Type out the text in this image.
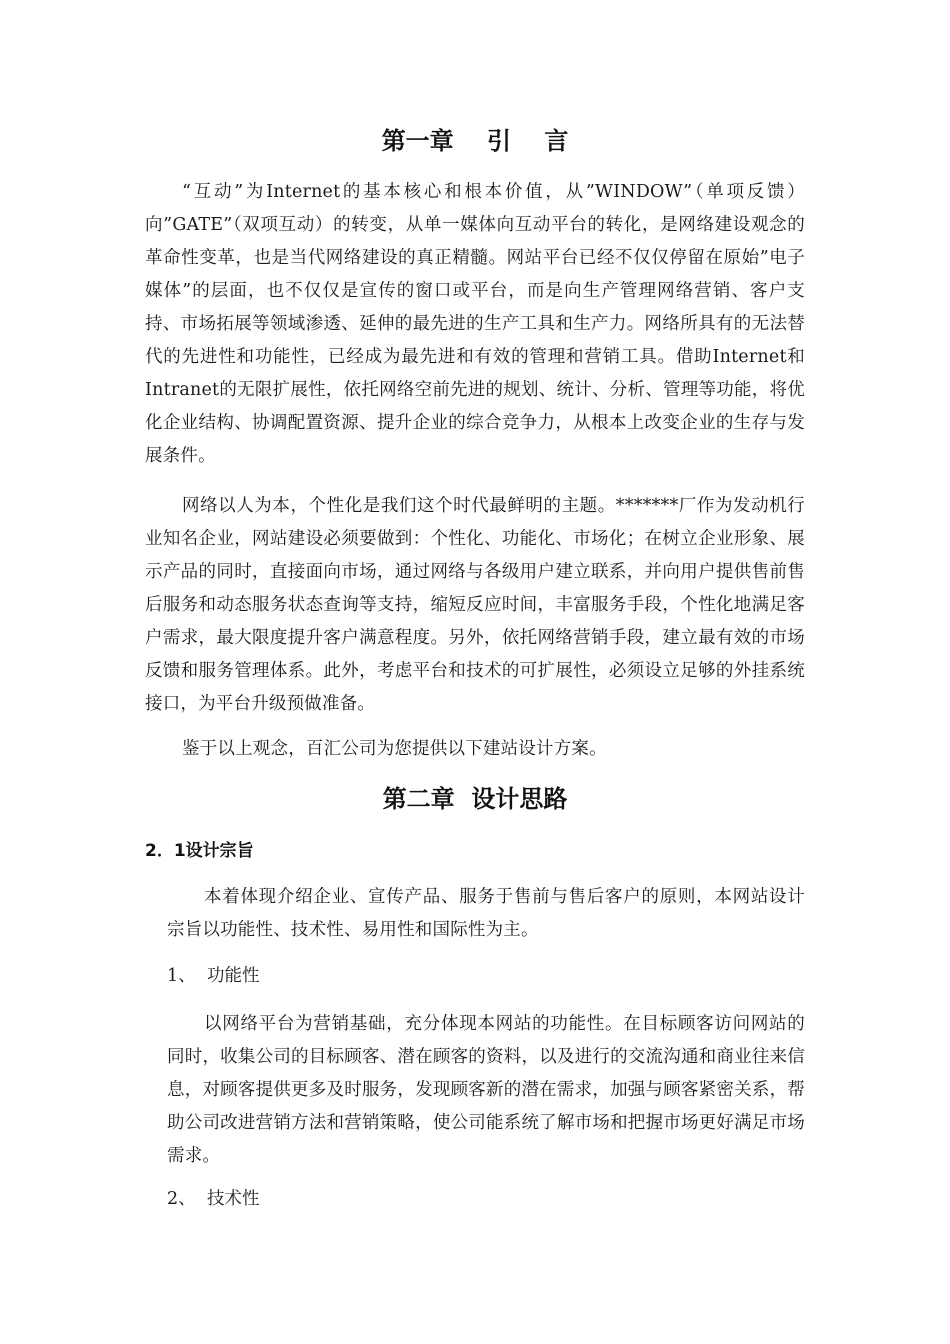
第一章    引    言

“互动”为Internet的基本核心和根本价值，从”WINDOW”（单项反馈）向”GATE”（双项互动）的转变，从单一媒体向互动平台的转化，是网络建设观念的革命性变革，也是当代网络建设的真正精髓。网站平台已经不仅仅停留在原始”电子媒体”的层面，也不仅仅是宣传的窗口或平台，而是向生产管理网络营销、客户支持、市场拓展等领域渗透、延伸的最先进的生产工具和生产力。网络所具有的无法替代的先进性和功能性，已经成为最先进和有效的管理和营销工具。借助Internet和Intranet的无限扩展性，依托网络空前先进的规划、统计、分析、管理等功能，将优化企业结构、协调配置资源、提升企业的综合竞争力，从根本上改变企业的生存与发展条件。

网络以人为本，个性化是我们这个时代最鲜明的主题。*******厂作为发动机行业知名企业，网站建设必须要做到：个性化、功能化、市场化；在树立企业形象、展示产品的同时，直接面向市场，通过网络与各级用户建立联系，并向用户提供售前售后服务和动态服务状态查询等支持，缩短反应时间，丰富服务手段，个性化地满足客户需求，最大限度提升客户满意程度。另外，依托网络营销手段，建立最有效的市场反馈和服务管理体系。此外，考虑平台和技术的可扩展性，必须设立足够的外挂系统接口，为平台升级预做准备。

鉴于以上观念，百汇公司为您提供以下建站设计方案。

第二章  设计思路
2．1设计宗旨

本着体现介绍企业、宣传产品、服务于售前与售后客户的原则，本网站设计宗旨以功能性、技术性、易用性和国际性为主。

1、 功能性

以网络平台为营销基础，充分体现本网站的功能性。在目标顾客访问网站的同时，收集公司的目标顾客、潜在顾客的资料，以及进行的交流沟通和商业往来信息，对顾客提供更多及时服务，发现顾客新的潜在需求，加强与顾客紧密关系，帮助公司改进营销方法和营销策略，使公司能系统了解市场和把握市场更好满足市场需求。

2、 技术性
